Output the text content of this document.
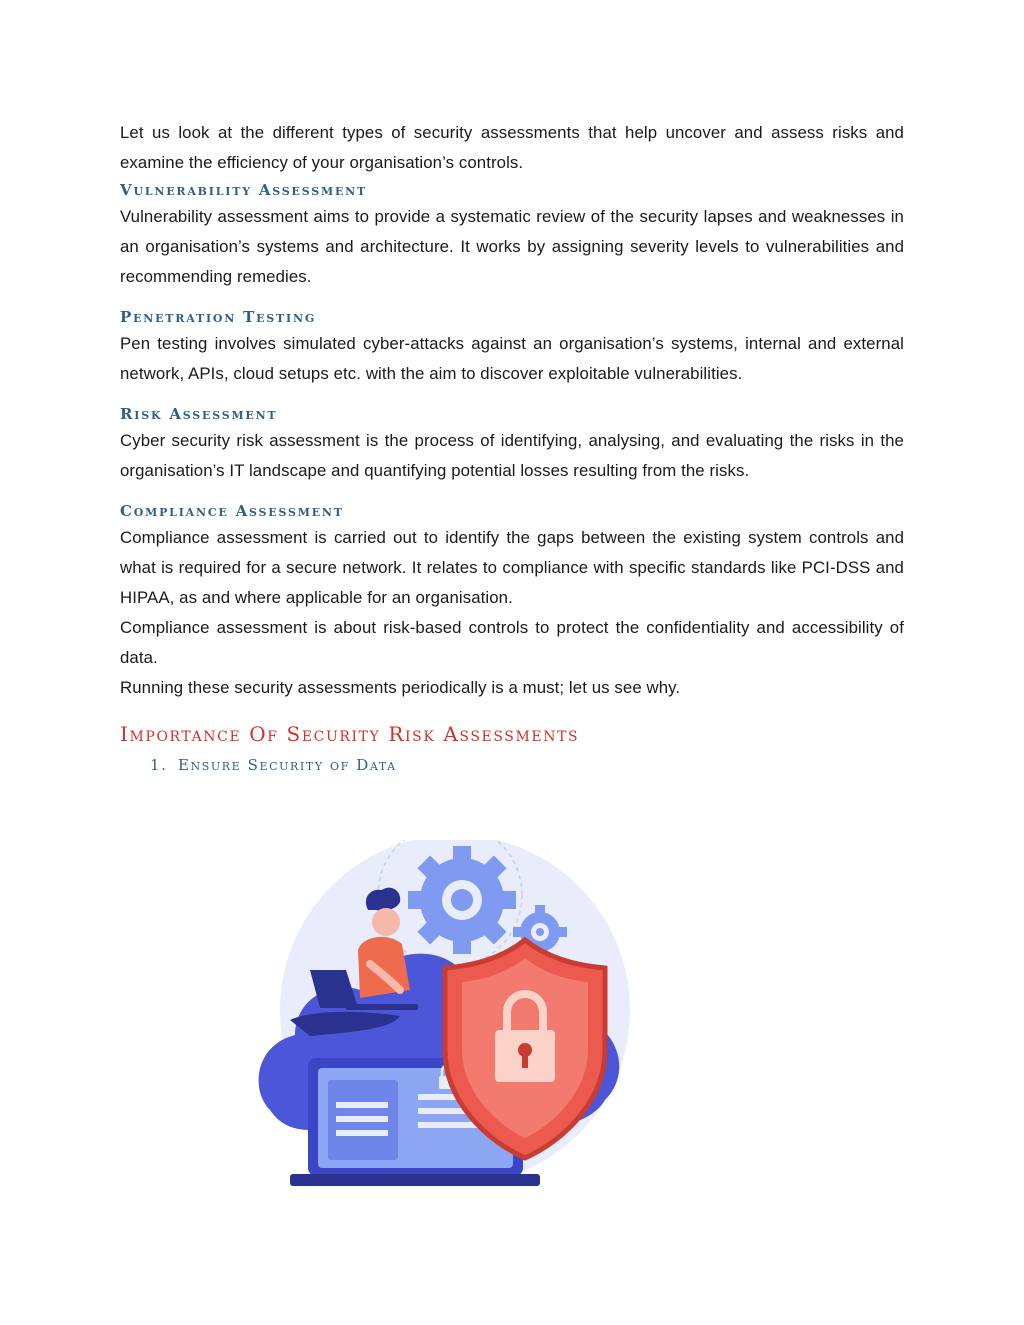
Let us look at the different types of security assessments that help uncover and assess risks and examine the efficiency of your organisation’s controls.

Vulnerability Assessment

Vulnerability assessment aims to provide a systematic review of the security lapses and weaknesses in an organisation’s systems and architecture. It works by assigning severity levels to vulnerabilities and recommending remedies.

Penetration Testing

Pen testing involves simulated cyber-attacks against an organisation’s systems, internal and external network, APIs, cloud setups etc. with the aim to discover exploitable vulnerabilities.

Risk Assessment

Cyber security risk assessment is the process of identifying, analysing, and evaluating the risks in the organisation’s IT landscape and quantifying potential losses resulting from the risks.

Compliance Assessment

Compliance assessment is carried out to identify the gaps between the existing system controls and what is required for a secure network. It relates to compliance with specific standards like PCI-DSS and HIPAA, as and where applicable for an organisation.

Compliance assessment is about risk-based controls to protect the confidentiality and accessibility of data.

Running these security assessments periodically is a must; let us see why.

Importance Of Security Risk Assessments
1. Ensure Security of Data
